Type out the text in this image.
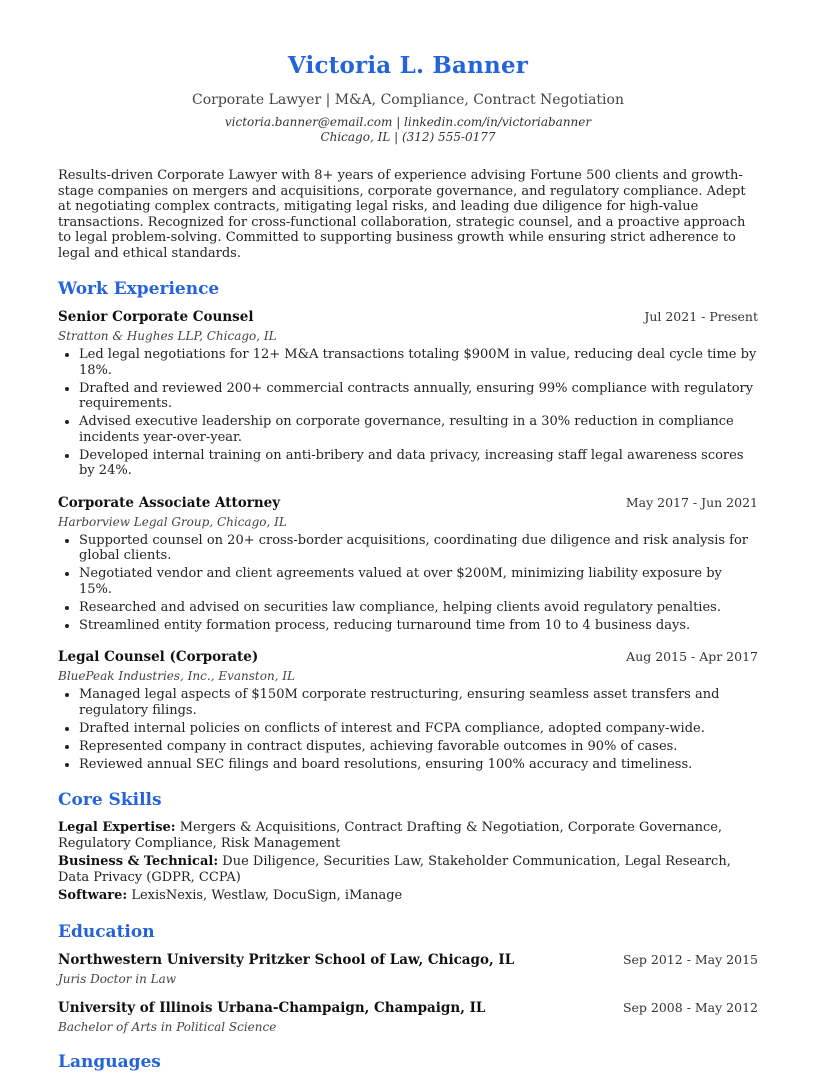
Victoria L. Banner
Corporate Lawyer | M&A, Compliance, Contract Negotiation
victoria.banner@email.com | linkedin.com/in/victoriabanner
Chicago, IL | (312) 555-0177
Results-driven Corporate Lawyer with 8+ years of experience advising Fortune 500 clients and growth-stage companies on mergers and acquisitions, corporate governance, and regulatory compliance. Adept at negotiating complex contracts, mitigating legal risks, and leading due diligence for high-value transactions. Recognized for cross-functional collaboration, strategic counsel, and a proactive approach to legal problem-solving. Committed to supporting business growth while ensuring strict adherence to legal and ethical standards.
Work Experience
Senior Corporate Counsel	Jul 2021 - Present
Stratton & Hughes LLP, Chicago, IL
• Led legal negotiations for 12+ M&A transactions totaling $900M in value, reducing deal cycle time by 18%.
• Drafted and reviewed 200+ commercial contracts annually, ensuring 99% compliance with regulatory requirements.
• Advised executive leadership on corporate governance, resulting in a 30% reduction in compliance incidents year-over-year.
• Developed internal training on anti-bribery and data privacy, increasing staff legal awareness scores by 24%.
Corporate Associate Attorney	May 2017 - Jun 2021
Harborview Legal Group, Chicago, IL
• Supported counsel on 20+ cross-border acquisitions, coordinating due diligence and risk analysis for global clients.
• Negotiated vendor and client agreements valued at over $200M, minimizing liability exposure by 15%.
• Researched and advised on securities law compliance, helping clients avoid regulatory penalties.
• Streamlined entity formation process, reducing turnaround time from 10 to 4 business days.
Legal Counsel (Corporate)	Aug 2015 - Apr 2017
BluePeak Industries, Inc., Evanston, IL
• Managed legal aspects of $150M corporate restructuring, ensuring seamless asset transfers and regulatory filings.
• Drafted internal policies on conflicts of interest and FCPA compliance, adopted company-wide.
• Represented company in contract disputes, achieving favorable outcomes in 90% of cases.
• Reviewed annual SEC filings and board resolutions, ensuring 100% accuracy and timeliness.
Core Skills
Legal Expertise: Mergers & Acquisitions, Contract Drafting & Negotiation, Corporate Governance, Regulatory Compliance, Risk Management
Business & Technical: Due Diligence, Securities Law, Stakeholder Communication, Legal Research, Data Privacy (GDPR, CCPA)
Software: LexisNexis, Westlaw, DocuSign, iManage
Education
Northwestern University Pritzker School of Law, Chicago, IL	Sep 2012 - May 2015
Juris Doctor in Law
University of Illinois Urbana-Champaign, Champaign, IL	Sep 2008 - May 2012
Bachelor of Arts in Political Science
Languages
